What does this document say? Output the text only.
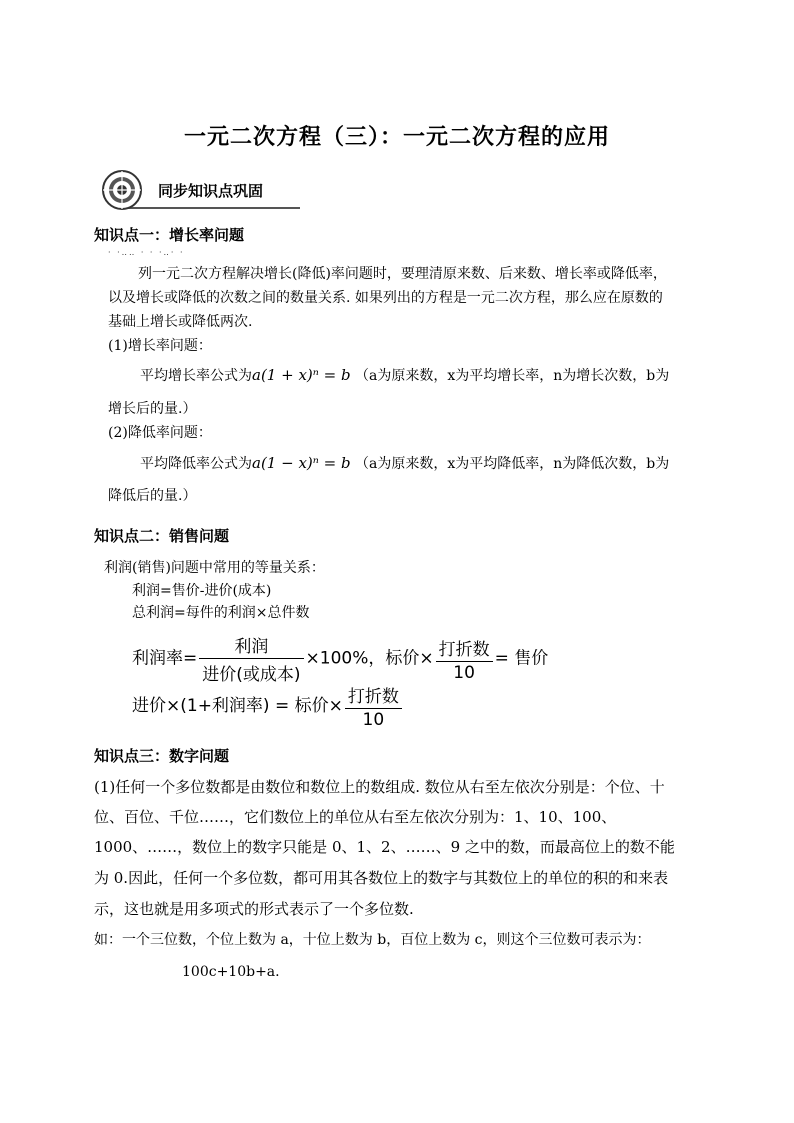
一元二次方程（三）：一元二次方程的应用
同步知识点巩固
知识点一：增长率问题
· ·‥‥ · · ·‥· ·
列一元二次方程解决增长(降低)率问题时，要理清原来数、后来数、增长率或降低率，
以及增长或降低的次数之间的数量关系. 如果列出的方程是一元二次方程，那么应在原数的
基础上增长或降低两次.
(1)增长率问题：
平均增长率公式为a(1 + x)ⁿ = b （a为原来数，x为平均增长率，n为增长次数，b为
增长后的量.）
(2)降低率问题：
平均降低率公式为a(1 − x)ⁿ = b （a为原来数，x为平均降低率，n为降低次数，b为
降低后的量.）
知识点二：销售问题
利润(销售)问题中常用的等量关系：
利润=售价-进价(成本)
总利润=每件的利润×总件数
利润率= $\frac{\text{利润}}{\text{进价(或成本)}} \times 100\%$，标价× $\frac{\text{打折数}}{10}$ = 售价
进价×(1+利润率) = 标价× $\frac{\text{打折数}}{10}$
知识点三：数字问题
(1)任何一个多位数都是由数位和数位上的数组成. 数位从右至左依次分别是：个位、十
位、百位、千位……，它们数位上的单位从右至左依次分别为：1、10、100、
1000、……，数位上的数字只能是 0、1、2、……、9 之中的数，而最高位上的数不能
为 0.因此，任何一个多位数，都可用其各数位上的数字与其数位上的单位的积的和来表
示，这也就是用多项式的形式表示了一个多位数.
如：一个三位数，个位上数为 a，十位上数为 b，百位上数为 c，则这个三位数可表示为：
100c+10b+a.
